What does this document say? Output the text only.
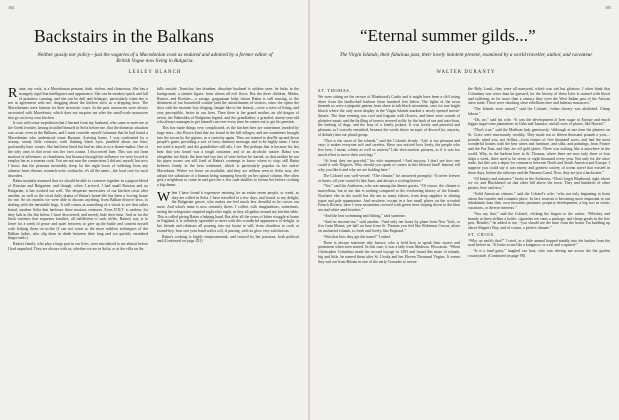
104
Backstairs in the Balkans
Neither gossip nor policy—just the vagaries of a Macedonian cook as endured and admired by a former editor of British Vogue now living in Bulgaria.
LESLEY BLANCH

Raïna, my cook, is a Macedonian peasant, dark, violent, and clamorous. She has a strangely rigid line intelligence and appearance. She can be monkey-quick and full of primitive cunning, and she can be dull and lethargic, particularly when she is not in agreement with me, dragging about the kitchen slow as a dripping door. The Macedonians were famous for their terroristic ways. In the past, massacres were always associated with Macedonia, which does not surprise me after the small-scale massacres that go on in my own kitchen.

It was with some trepidation that I learned from my husband, who came to meet me at the Greek frontier, having installed himself in Sofia before me, that the domestic situation was acute, even in the Balkans, and I must consider myself fortunate that he had found a Macedonian who understood some Russian. Arriving home, I was confronted by a stormy, sturdy little creature, with flashing black eyes, jumbled about our bare, profoundly bare, rooms. She had been hired but had no idea as to a dinner-maker. One of the only ones in that town was her own cousin. I discovered later. This was not from motives of adventure, or cleanliness, but because through her influence we were forced to employ her as a woman cook. You are not sure the connections I did not, myself, but now I know that the peasants invariably sleep for the night boots of suffering from any ailment: heart disease, stomach-ache, toothache, it's all the same—the local cure for such disorders.

Raïna instantly assumed that we should be able to converse together in a pigeon-blend of Russian and Bulgarian; and though, when I arrived, I had small Russian and no Bulgarian, it has worked out well. The desperate necessities of our kitchen crisis after another, as well as the vivid daily drama of Raïna's home-life has been a forcing house for me. So six months we were able to discuss anything, from Balkan divorce laws, to dealing with the inevitable bugs. It still comes as something of a shock to see that rather brutal, modern Sofia that harbours these noxious creatures. Even D.D.T. is useless; for they lurk in the flat below. I have discovered, and merely bide their time. And as for the brisk varieties that sequester families, all indifferent to such trifles, Raïna's way is to leave for a week of peace and quiet between, to give up the battle and content myself with locking them on us-the (I can not come to the more ruthless techniques of the Balkan ladies, who slip them in death between their long and too quickly varnished finger-nails.)

Raïna's family, who play a large part in our lives, were introduced to me almost before I had unpacked. They are always with us, whether we are in Sofia, or at the villa on the

hills outside. Tomislav, her drunken, dissolute husband is seldom seen: he lurks in the background, a sinister figure, from whom all evil flows. But the three children, Minka, Rusiva, and Borislav—a savage, gargantuan baby whom Raïna is still nursing, to the detriment of our household routine (and the astonishment of visitors, since she opens the door with the monster boy clinging, limpet-like to her breast)—were a wave of living, and very perceptible, factor in our lives. Then there is her grand mother, an old dragon of seven, the Babushka of Bulgarian legend, and the grandfather, a grizzled, ninety-year-old who always manages to get himself run over every time he comes out to get his pension.

This has made things very complicated, as the kitchen here are sometimes invaded by large tears—the Brown kind that are found in the hill villages, and are sometimes brought into the towns by the gipsies, as a curiosity again. They are trained to shuffle up and down people's gates, providing a sort of furry chimney massage, and to be highly tame. I have not tried it myself, and the grandfather still ails, I see. But perhaps that is because his last bear that was found was a tough customer, and of an alcoholic nature. Raïna was altogether too brisk; the bear had two tins of wine before he started, so that neither he nor his pipes owner can still fond of Raïna's contempt to know where to stop; still Raïna believes firmly in the bear treatment, which is particularly popular in her native Macedonia. Where we leave on available, and they are seldom seen in Sofia now, she adopts the substitute of a human being stamping heavily on her spinal column. She often gets a neighbour to come in and give her a few rude shuffles to loosen her before cooking a big dinner.

When I have found it expensive entering for an entire seven people, or week, as they are called in Sofia. I have travelled to a few days, and found, to my delight, the Bulgarian grocer, who makes me feel much less dreadful as he carves our meat. And what's mine is now certainly theirs. I collect with imaginations, sometimes, seeing the refrigerator emptied night after night, as they all gather around my kitchen table. This is called giving Raïna a helping hand. But after all the years of bitter struggle at home in England, it is infinitely agreeable to meet with this wonderful appearance of delight, at her friends and relations all pouring into my house at will, from chauffeur to cook or errand-boy, how one your hand with a roll, if passing, with its glow very satisfaction.

Raïna's cooking is highly temperamental, and swayed by her passions, both political and (Continued on page 251)

105
“Eternal summer gilds...”
The Virgin Islands, their fabulous past, their lovely indolent present, examined by a world traveller, author, and raconteur
WALTER DURANTY

ST. THOMAS.

We were sitting on the terrace of Bluebeard's Castle and it might have been a cliff rising sheer from the landlocked harbour three hundred feet below. The lights of the town beneath us were a pinpoint pattern from shore to ink-black mountains, save for one bright blotch where the only neon display in the Virgin Islands marked a newly opened movie-theatre. The June evening was cool and fragrant with flowers, and there were sounds of plaintive music and the thrilling of insects strewed softly by the hush of sea and auto-horn, the barking of dogs, and the bray of a lonely jackass. It was lovely and peaceful and pleasant, as I scarcely remarked, because the words throw an aspic of discord (or, anyway, of debate) into our placid group.

“That is the curse of the islands,” said the Colonel, firmly. “Life is too pleasant and easy; it makes everyone soft and careless. Have you noticed how lively, the people who live here, I mean, whites as well as natives? Like slow-motion pictures, as if it was too much effort to move their own legs.”

“At least they are graceful,” his wife murmured. “And anyway, I don't see how one could it with Negroes. Why should you speak of curses in this blessed land? Instead, tell why you like it and why we are holding here.”

The Colonel was well-versed. “The climate,” he answered promptly. “It never freezes or burns; all year round it's like June, and always a cooling breeze.”

“Yes,” said the Authoress, who was among the dinner guests. “Of course, the climate is marvellous, but to me that is nothing compared to the everlasting history of the Islands. Nowhere else in the world has the sea so many echoes, from deep sapphire to shining topaz and pale aquamarine. And nowhere, except in a few small places on the crowded French Riviera, have I seen mountains covered with green trees sloping down to the blue sea and white sand beaches.”

“And the best swimming and fishing,” said someone.

“And no income-tax,” said another. “And only ten hours by plane from New York, or five from Miami, yet half an hour from St. Thomas you feel like Robinson Crusoe, alone on uncharted islands, so fresh and lovely, like England.”

“Was that how they got the name?” I asked.

There is always someone who knows; who is bold how to speak their stories and prominent when seen started. In this case, it was a lady from Madison, Wisconsin. “When Christopher Columbus made his second voyage in 1493 and found this maze of islands, big and little, he named them after St. Ursula and her Eleven Thousand Virgins. It seems they sail out from Britain in one of the early Crusades to rescue

the Holy Land—they were all martyred, which was sad but glorious. I often think that Columbus was wiser than he guessed, for the history of these Isles is stained with blood and suffering, as for more than a century they were the West Indian past of the African slave trade. There were shocking slave rebellions here and hideous massacres.”

“The Islands were ruined,” said the Colonel, “when slavery was abolished. Cheap labour.”

“Oh, no,” said his wife. “It was the development of beet sugar in Europe and much bigger sugar-cane plantations in Cuba and Jamaica, and all sorts of places, like Hawaii.”

“That's true,” said the Madison lady generously, “although at one time the planters on St. Croix were enormously wealthy. They made ten or fifteen thousand pounds a year—pounds, mind you, not dollars—from estates of five thousand acres, and had the most wonderful houses with the best wines and furniture, and silks, and paintings, from France and the Far East, and they ate off gold plates. There was nothing like it anywhere in the world. Why, in the harbour here in St. Thomas, where there are now only three or four ships a week, there used to be seven or eight thousand every year. Not only for the slave trade, but this was a depot for commerce between North and South America and Europe. I suppose you could say it was ninety and greatest society of ocean travel that existed in those days, before the railways and the Panama Canal. Now, they are just a backwater.”

“Of beauty and romance,” broke in the Authoress. “Don't forget Bluebeard, right where we sit, and Blackbeard on that other hill above the town. They and hundreds of other pirates, here and now.”

“Solid American citizens,” said the Colonel's wife, “who not only beginning to learn about this transfer and romantic place. In fact, tourism is becoming more important to our inhabitants than their own favourite pastimes: property-development, a big sort in exotic vacations, or diverse interests.”

“You say that,” said the Colonel, clicking his fingers to the waiter. “Whiskey and brandy at three dollars a bottle, cigarettes ten cents a package, and cheap goods in the free port. Besides,” he added to me, “you should see the time from the house I'm building up above Magen's Bay, and of course, a perfect climate.”

ST. CROIX.

“Why on earth's that?” I cried, as a little animal hopped nimbly into the bushes from the road before us. “It looks to me like a kangaroo, or a rat and a squirrel.”

“Is it a land gator,” laughed our host, who was driving me across the flat garden countryside. (Continued on page 98)
